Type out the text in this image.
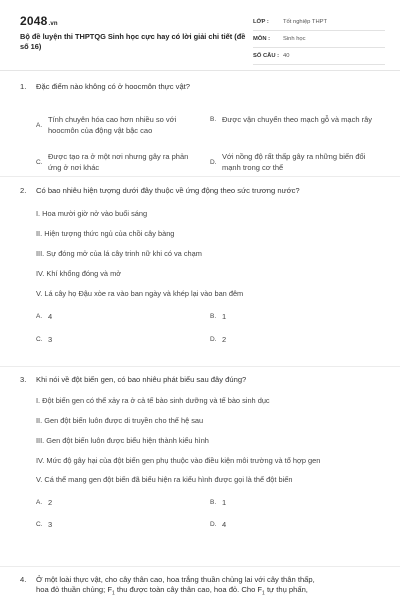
2048.vn
Bộ đề luyện thi THPTQG Sinh học cực hay có lời giải chi tiết (đề số 16)
LỚP :	Tốt nghiệp THPT
MÔN :	Sinh học
SỐ CÂU : 40
1.	Đặc điểm nào không có ở hoocmôn thực vật?
A.
Tính chuyên hóa cao hơn nhiều so với hoocmôn của động vật bậc cao
B. Được vận chuyển theo mạch gỗ và mạch rây
C.
Được tạo ra ở một nơi nhưng gây ra phản ứng ở nơi khác
D.
Với nồng độ rất thấp gây ra những biến đổi mạnh trong cơ thể
2.	Có bao nhiêu hiện tượng dưới đây thuộc về ứng động theo sức trương nước?
I. Hoa mười giờ nở vào buổi sáng
II. Hiện tượng thức ngủ của chồi cây bàng
III. Sự đóng mở của lá cây trinh nữ khi có va chạm
IV. Khí khổng đóng và mở
V. Lá cây họ Đậu xòe ra vào ban ngày và khép lại vào ban đêm
A. 4	B. 1
C. 3	D. 2
3.	Khi nói về đột biến gen, có bao nhiêu phát biểu sau đây đúng?
I. Đột biến gen có thể xảy ra ở cả tế bào sinh dưỡng và tế bào sinh dục
II. Gen đột biến luôn được di truyền cho thế hệ sau
III. Gen đột biến luôn được biểu hiện thành kiểu hình
IV. Mức độ gây hại của đột biến gen phụ thuộc vào điều kiện môi trường và tổ hợp gen
V. Cá thể mang gen đột biến đã biểu hiện ra kiểu hình được gọi là thể đột biến
A. 2	B. 1
C. 3	D. 4
4.	Ở một loài thực vật, cho cây thân cao, hoa trắng thuần chủng lai với cây thân thấp,
hoa đỏ thuần chủng; $F_1$ thu được toàn cây thân cao, hoa đỏ. Cho $F_1$ tự thụ phấn,
